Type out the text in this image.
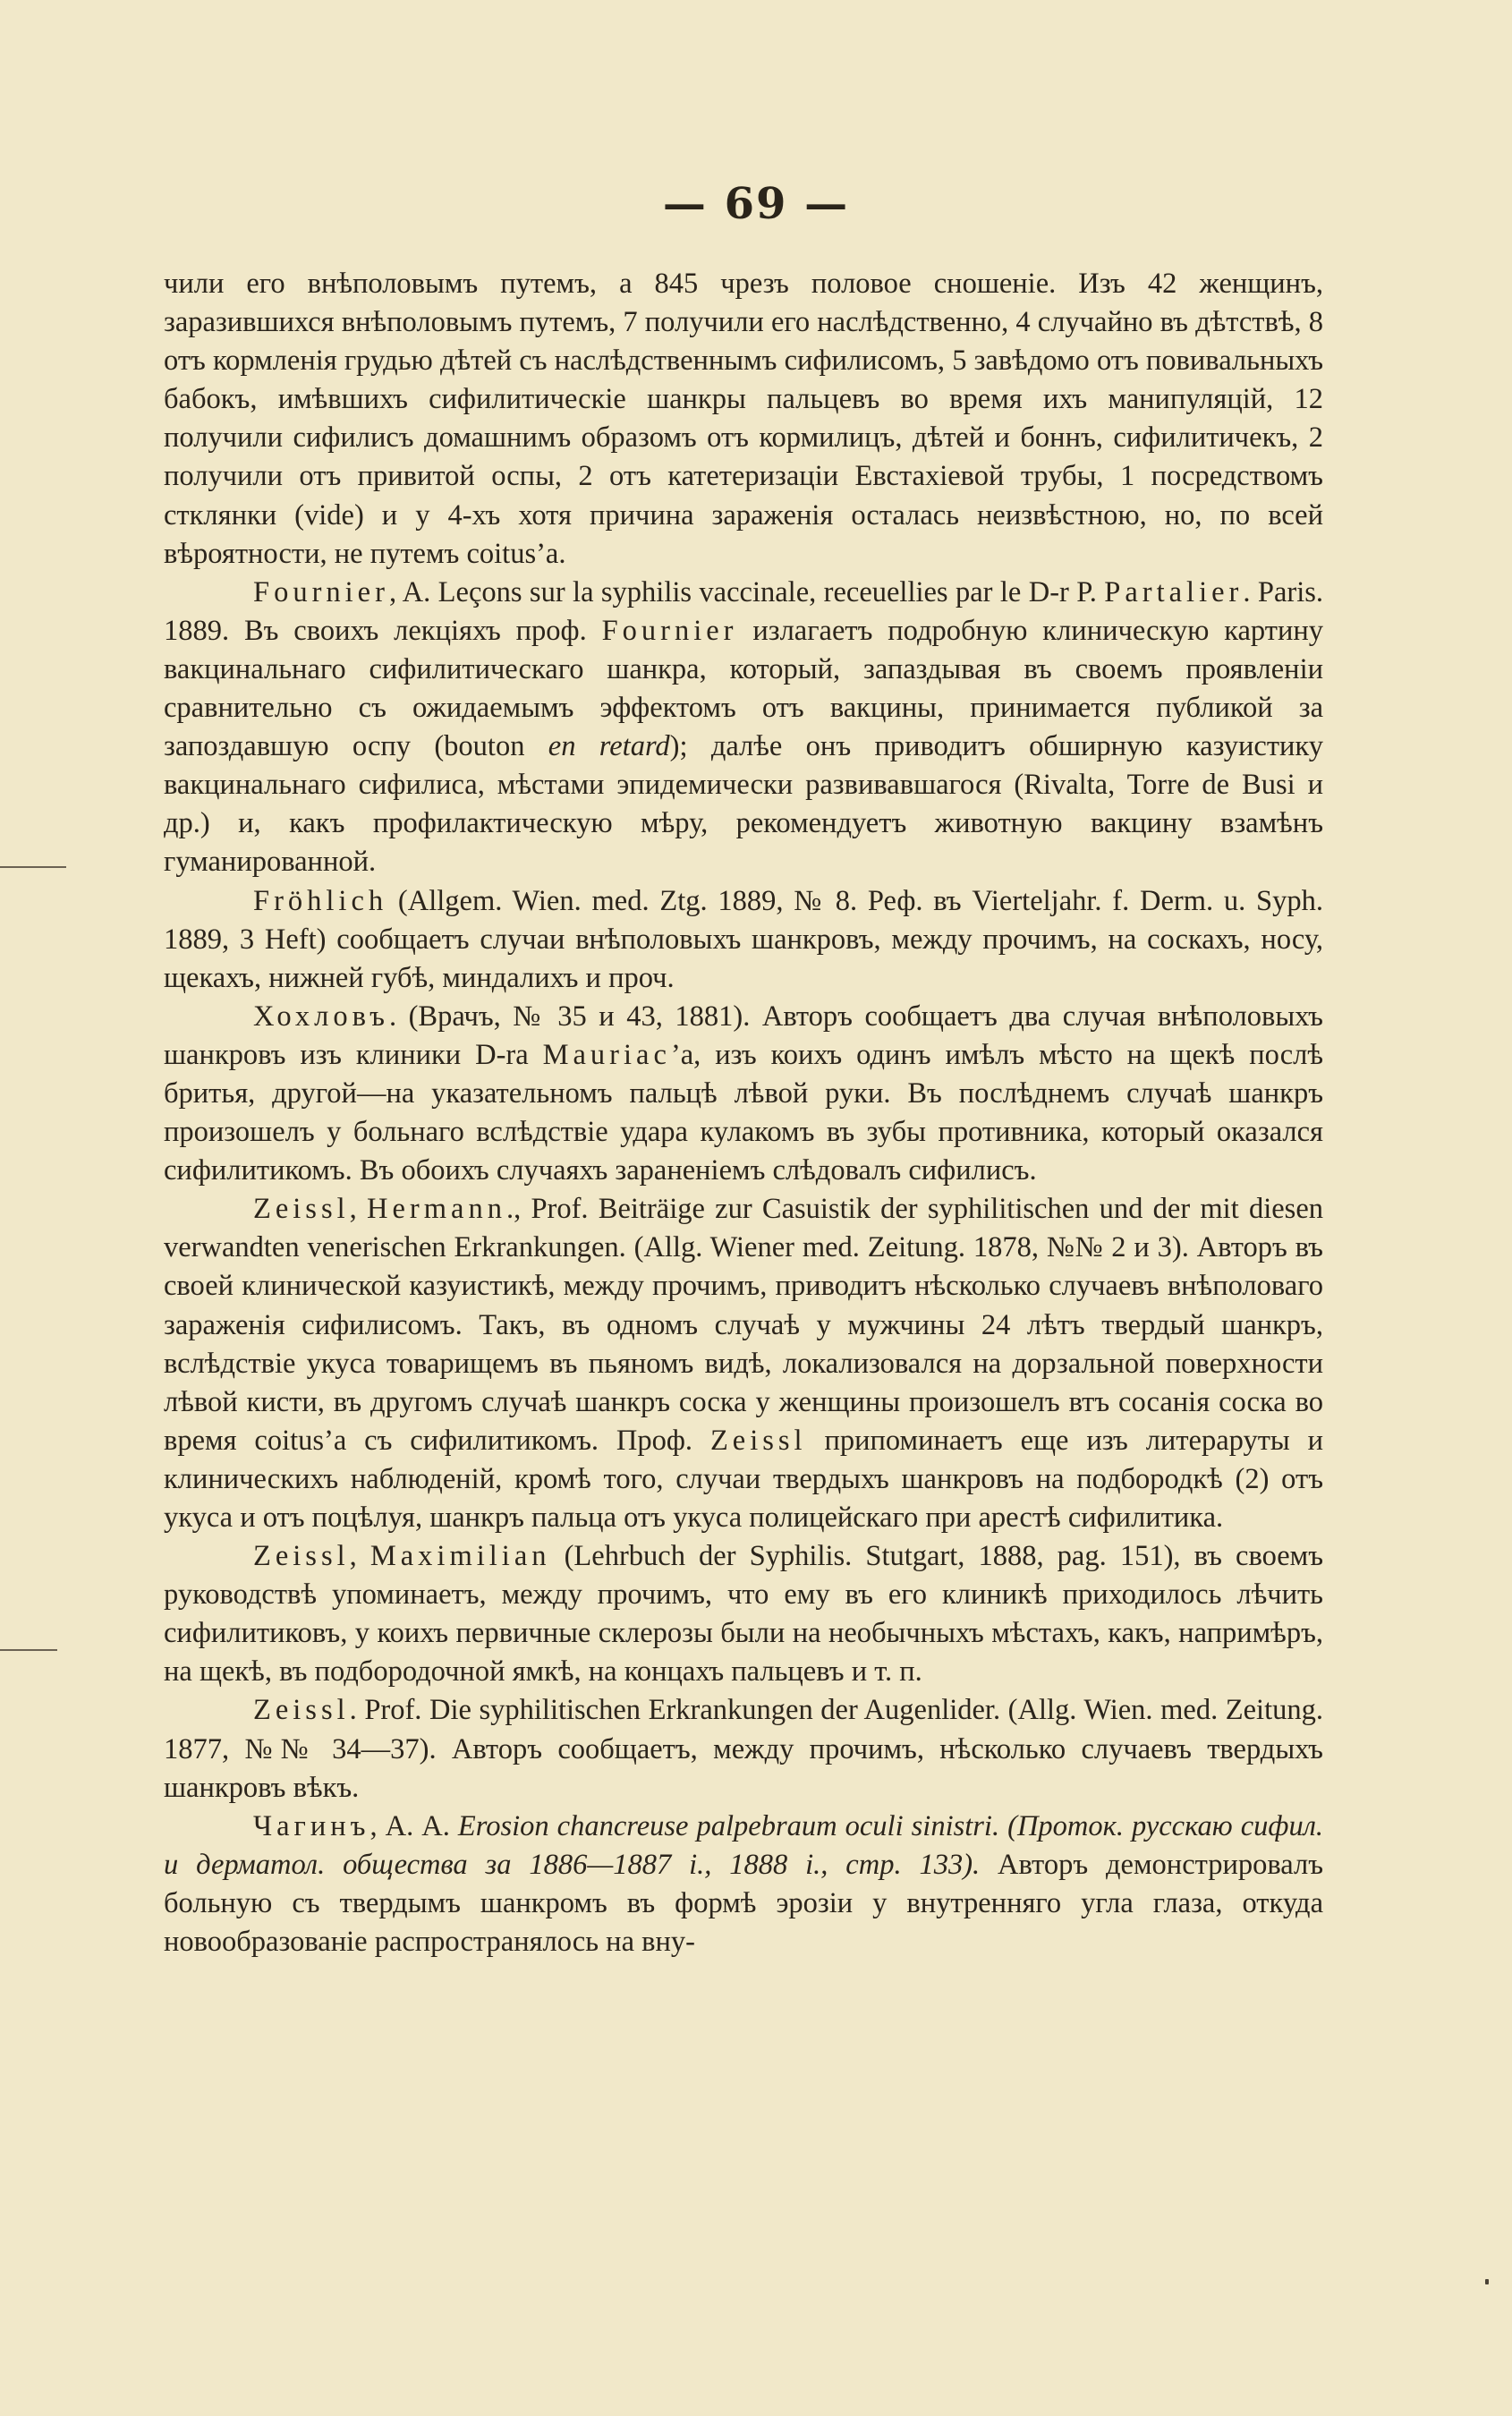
— 69 —

чили его внѣполовымъ путемъ, а 845 чрезъ половое сношеніе. Изъ 42 женщинъ, заразившихся внѣполовымъ путемъ, 7 получили его наслѣдственно, 4 случайно въ дѣтствѣ, 8 отъ кормленія грудью дѣтей съ наслѣдственнымъ сифилисомъ, 5 завѣдомо отъ повивальныхъ бабокъ, имѣвшихъ сифилитическіе шанкры пальцевъ во время ихъ манипуляцій, 12 получили сифилисъ домашнимъ образомъ отъ кормилицъ, дѣтей и боннъ, сифилитичекъ, 2 получили отъ привитой оспы, 2 отъ катетеризаціи Евстахіевой трубы, 1 посредствомъ стклянки (vide) и у 4-хъ хотя причина зараженія осталась неизвѣстною, но, по всей вѣроятности, не путемъ coitus’a.

Fournier, A. Leçons sur la syphilis vaccinale, receuellies par le D-r P. Partalier. Paris. 1889. Въ своихъ лекціяхъ проф. Fournier излагаетъ подробную клиническую картину вакцинальнаго сифилитическаго шанкра, который, запаздывая въ своемъ проявленіи сравнительно съ ожидаемымъ эффектомъ отъ вакцины, принимается публикой за запоздавшую оспу (bouton en retard); далѣе онъ приводитъ обширную казуистику вакцинальнаго сифилиса, мѣстами эпидемически развивавшагося (Rivalta, Torre de Busi и др.) и, какъ профилактическую мѣру, рекомендуетъ животную вакцину взамѣнъ гуманированной.

Fröhlich (Allgem. Wien. med. Ztg. 1889, № 8. Реф. въ Vierteljahr. f. Derm. u. Syph. 1889, 3 Heft) сообщаетъ случаи внѣполовыхъ шанкровъ, между прочимъ, на соскахъ, носу, щекахъ, нижней губѣ, миндалихъ и проч.

Хохловъ. (Врачъ, № 35 и 43, 1881). Авторъ сообщаетъ два случая внѣполовыхъ шанкровъ изъ клиники D-ra Mauriac’a, изъ коихъ одинъ имѣлъ мѣсто на щекѣ послѣ бритья, другой—на указательномъ пальцѣ лѣвой руки. Въ послѣднемъ случаѣ шанкръ произошелъ у больнаго вслѣдствіе удара кулакомъ въ зубы противника, который оказался сифилитикомъ. Въ обоихъ случаяхъ заpаненіемъ слѣдовалъ сифилисъ.

Zeissl, Hermann., Prof. Beiträige zur Casuistik der syphilitischen und der mit diesen verwandten venerischen Erkrankungen. (Allg. Wiener med. Zeitung. 1878, №№ 2 и 3). Авторъ въ своей клинической казуистикѣ, между прочимъ, приводитъ нѣсколько случаевъ внѣполоваго зараженія сифилисомъ. Такъ, въ одномъ случаѣ у мужчины 24 лѣтъ твердый шанкръ, вслѣдствіе укуса товарищемъ въ пьяномъ видѣ, локализовался на дорзальной поверхности лѣвой кисти, въ другомъ случаѣ шанкръ соска у женщины произошелъ втъ сосанія соска во время coitus’a съ сифилитикомъ. Проф. Zeissl припоминаетъ еще изъ литераруты и клиническихъ наблюденій, кромѣ того, случаи твердыхъ шанкровъ на подбородкѣ (2) отъ укуса и отъ поцѣлуя, шанкръ пальца отъ укуса полицейскаго при арестѣ сифилитика.

Zeissl, Maximilian (Lehrbuch der Syphilis. Stutgart, 1888, pag. 151), въ своемъ руководствѣ упоминаетъ, между прочимъ, что ему въ его клиникѣ приходилось лѣчить сифилитиковъ, у коихъ первичные склерозы были на необычныхъ мѣстахъ, какъ, напримѣръ, на щекѣ, въ подбородочной ямкѣ, на концахъ пальцевъ и т. п.

Zeissl. Prof. Die syphilitischen Erkrankungen der Augenlider. (Allg. Wien. med. Zeitung. 1877, №№ 34—37). Авторъ сообщаетъ, между прочимъ, нѣсколько случаевъ твердыхъ шанкровъ вѣкъ.

Чагинъ, А. А. Erosion chancreuse palpebraum oculi sinistri. (Проток. русскаю сифил. и дерматол. общества за 1886—1887 і., 1888 і., стр. 133). Авторъ демонстрировалъ больную съ твердымъ шанкромъ въ формѣ эрозіи у внутренняго угла глаза, откуда новообразованіе распространялось на вну-
